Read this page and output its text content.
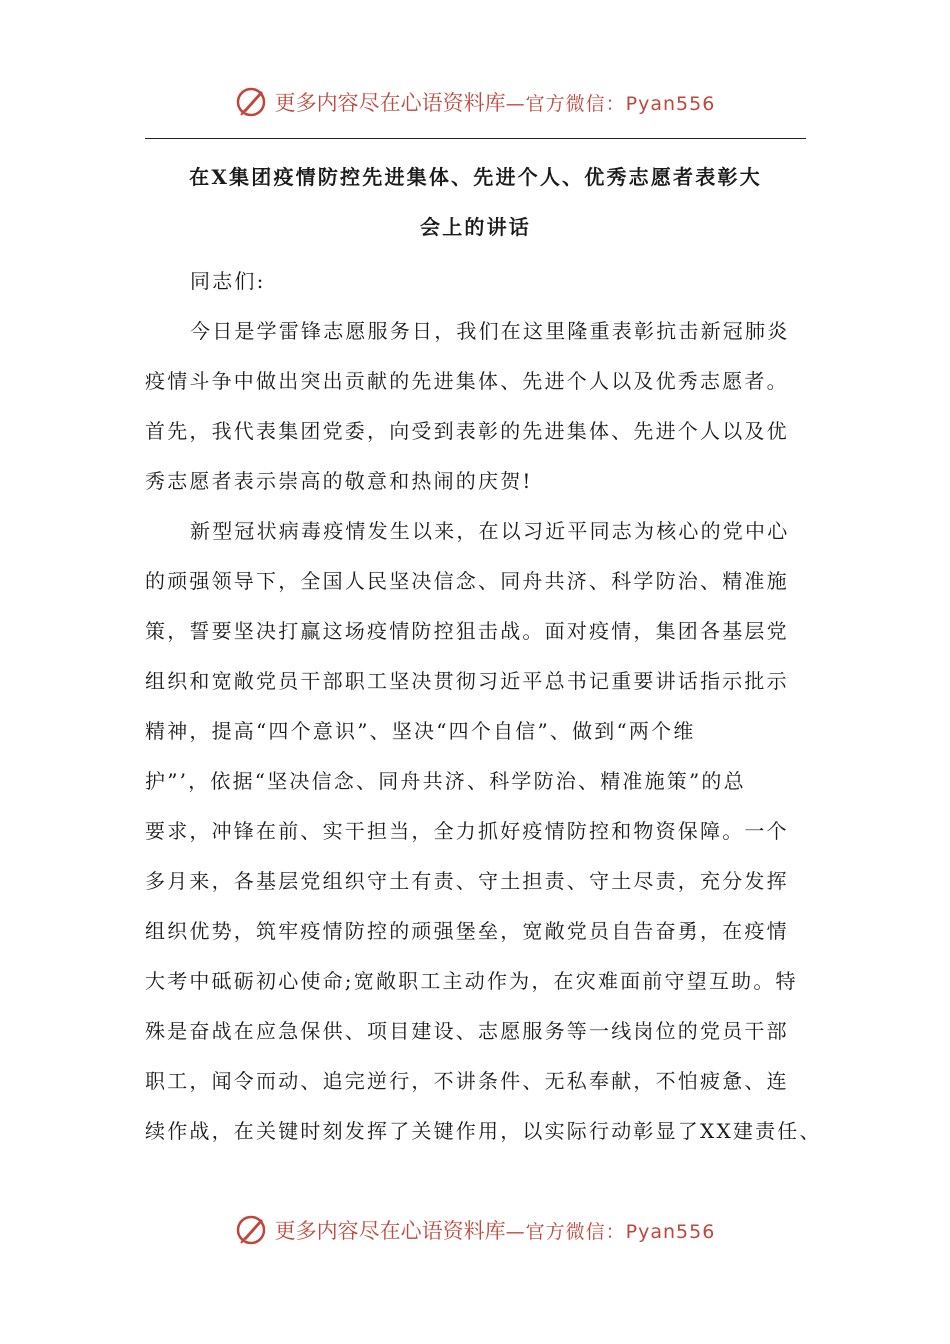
更多内容尽在心语资料库 —官方微信：Pyan556
在X集团疫情防控先进集体、先进个人、优秀志愿者表彰大
会上的讲话
同志们:
今日是学雷锋志愿服务日，我们在这里隆重表彰抗击新冠肺炎
疫情斗争中做出突出贡献的先进集体、先进个人以及优秀志愿者。
首先，我代表集团党委，向受到表彰的先进集体、先进个人以及优
秀志愿者表示崇高的敬意和热闹的庆贺!
新型冠状病毒疫情发生以来，在以习近平同志为核心的党中心
的顽强领导下，全国人民坚决信念、同舟共济、科学防治、精准施
策，誓要坚决打赢这场疫情防控狙击战。面对疫情，集团各基层党
组织和宽敞党员干部职工坚决贯彻习近平总书记重要讲话指示批示
精神，提高“四个意识”、坚决“四个自信”、做到“两个维
护”’，依据“坚决信念、同舟共济、科学防治、精准施策”的总
要求，冲锋在前、实干担当，全力抓好疫情防控和物资保障。一个
多月来，各基层党组织守土有责、守土担责、守土尽责，充分发挥
组织优势，筑牢疫情防控的顽强堡垒，宽敞党员自告奋勇，在疫情
大考中砥砺初心使命;宽敞职工主动作为，在灾难面前守望互助。特
殊是奋战在应急保供、项目建设、志愿服务等一线岗位的党员干部
职工，闻令而动、追完逆行，不讲条件、无私奉献，不怕疲惫、连
续作战，在关键时刻发挥了关键作用，以实际行动彰显了XX建责任、
更多内容尽在心语资料库 —官方微信：Pyan556
